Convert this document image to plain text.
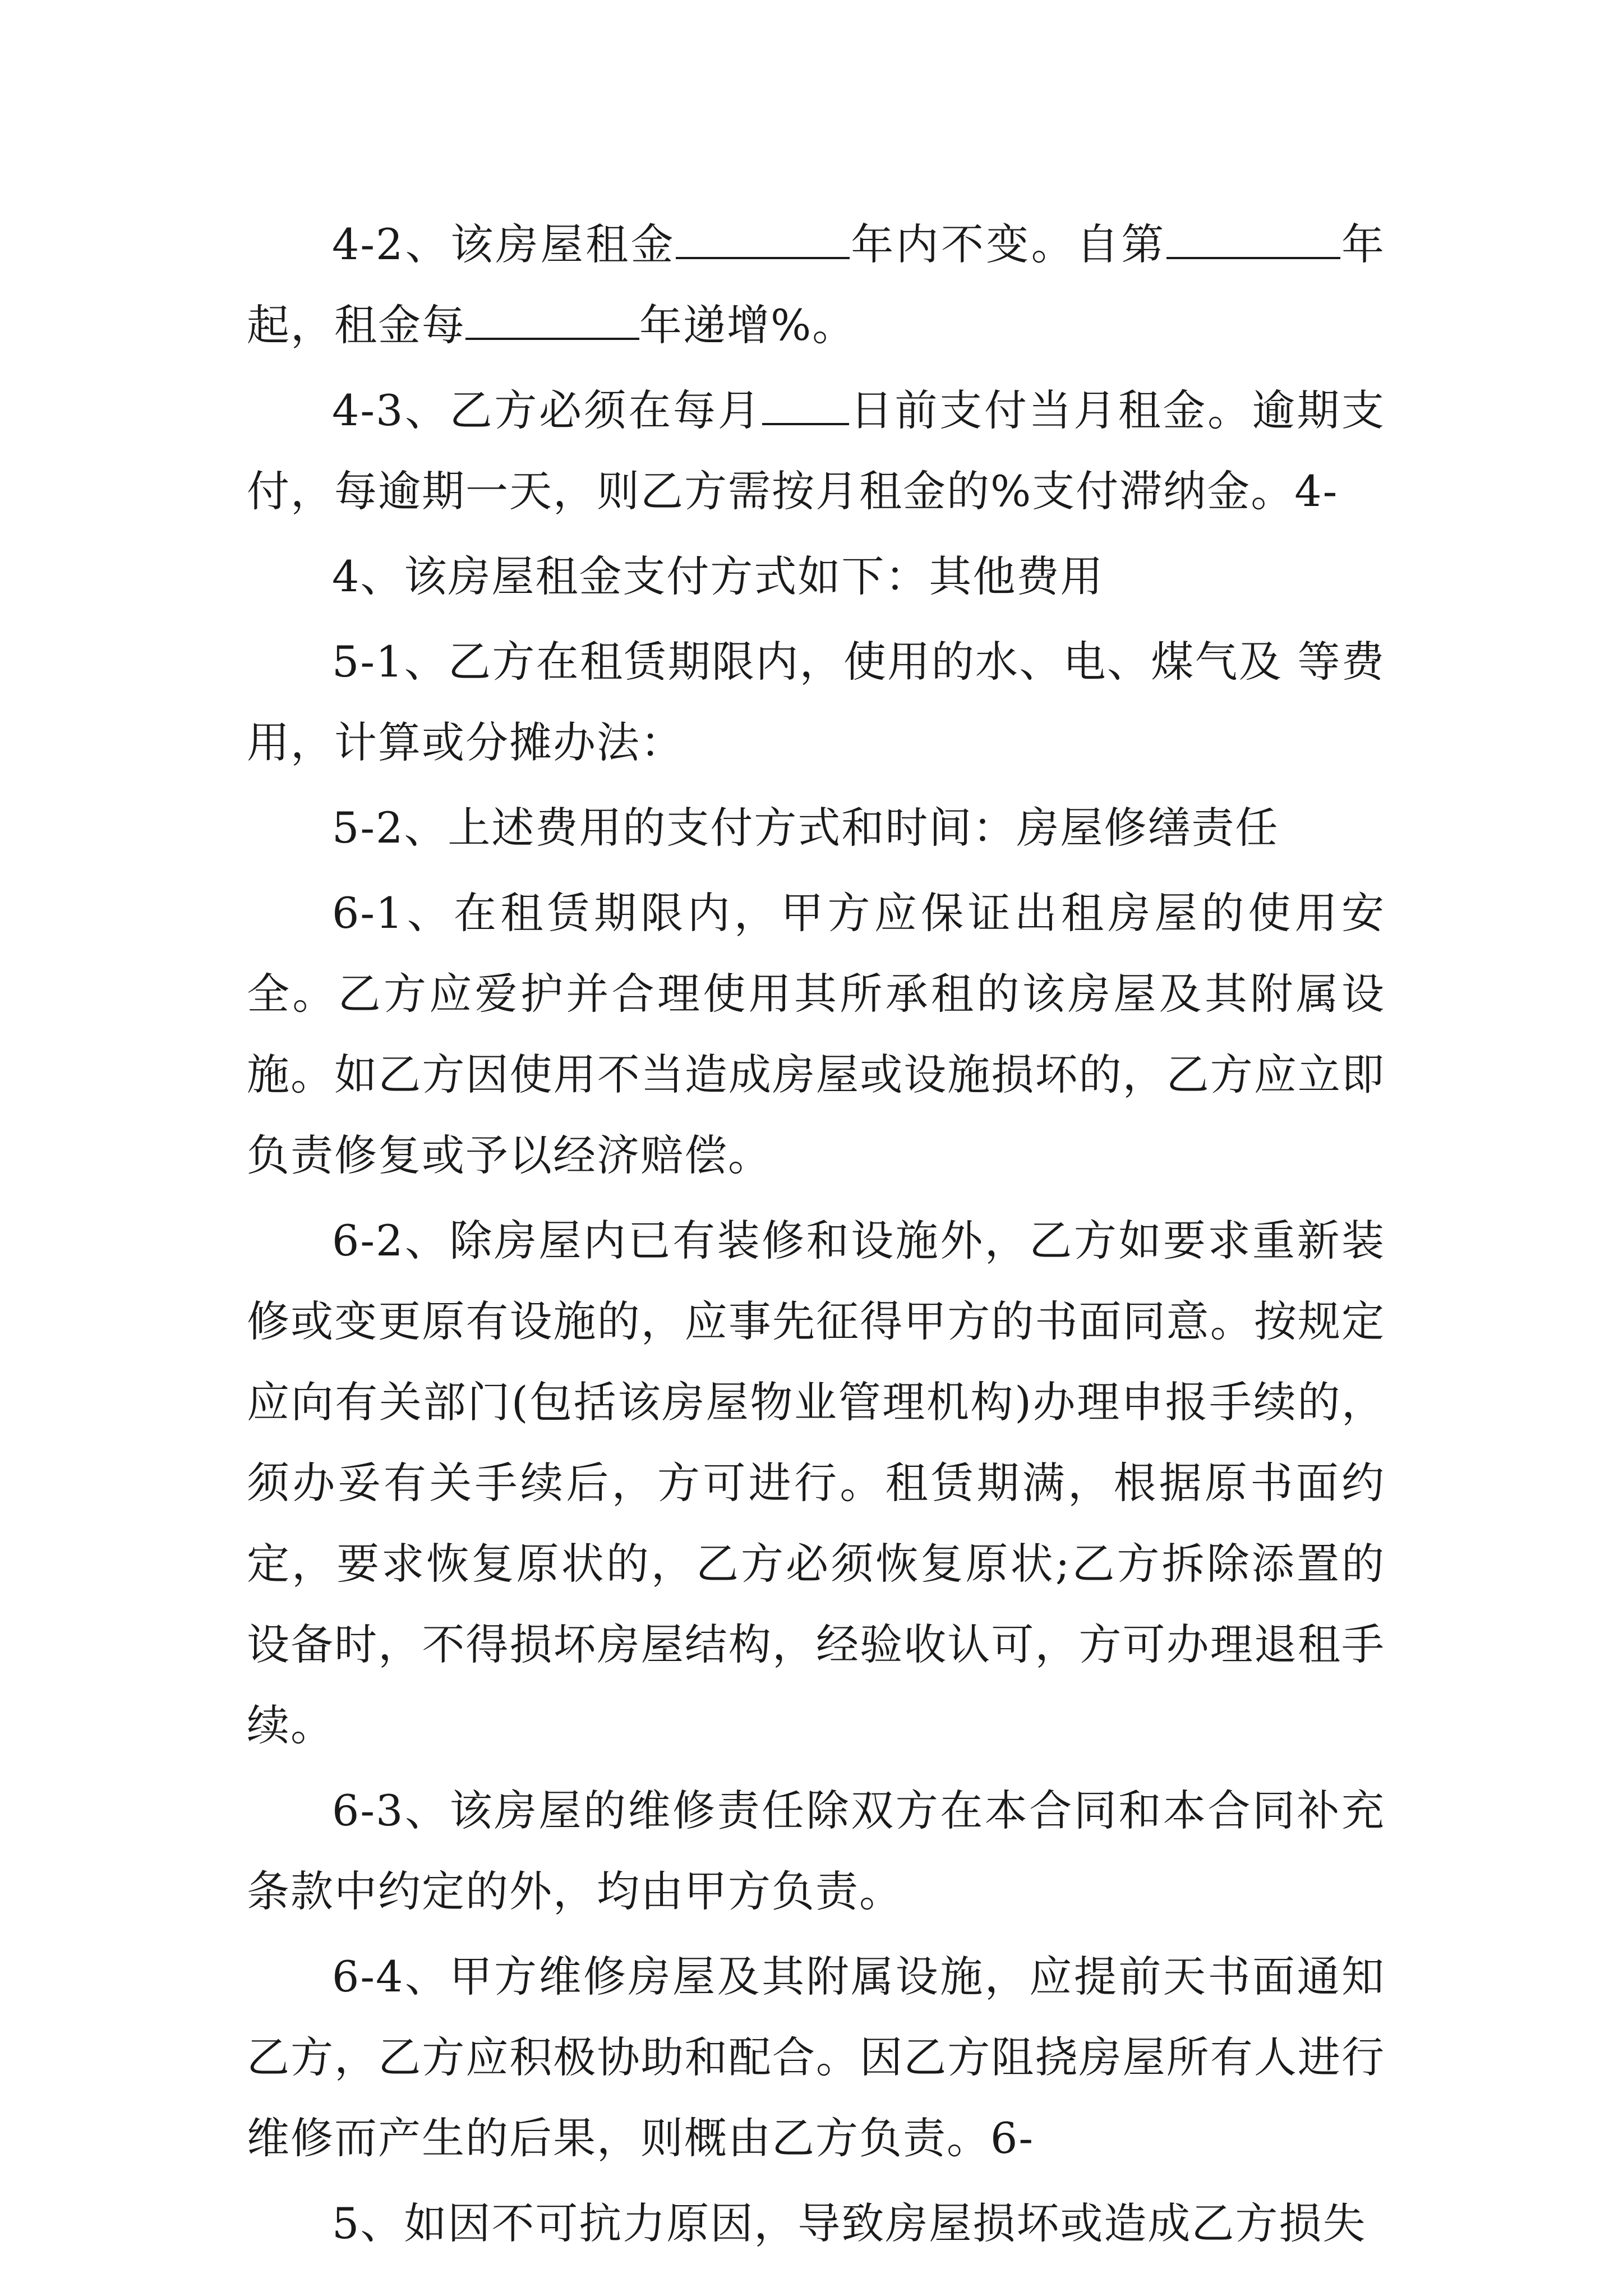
4-2、该房屋租金	年内不变。自第	年起，租金每	年递增%。

4-3、乙方必须在每月 日前支付当月租金。逾期支付，每逾期一天，则乙方需按月租金的%支付滞纳金。4-

4、该房屋租金支付方式如下：其他费用

5-1、乙方在租赁期限内，使用的水、电、煤气及 等费用，计算或分摊办法：

5-2、上述费用的支付方式和时间：房屋修缮责任

6-1、在租赁期限内，甲方应保证出租房屋的使用安全。乙方应爱护并合理使用其所承租的该房屋及其附属设施。如乙方因使用不当造成房屋或设施损坏的，乙方应立即负责修复或予以经济赔偿。

6-2、除房屋内已有装修和设施外，乙方如要求重新装修或变更原有设施的，应事先征得甲方的书面同意。按规定应向有关部门(包括该房屋物业管理机构)办理申报手续的，须办妥有关手续后，方可进行。租赁期满，根据原书面约定，要求恢复原状的，乙方必须恢复原状;乙方拆除添置的设备时，不得损坏房屋结构，经验收认可，方可办理退租手续。

6-3、该房屋的维修责任除双方在本合同和本合同补充条款中约定的外，均由甲方负责。

6-4、甲方维修房屋及其附属设施，应提前天书面通知乙方，乙方应积极协助和配合。因乙方阻挠房屋所有人进行维修而产生的后果，则概由乙方负责。6-

5、如因不可抗力原因，导致房屋损坏或造成乙方损失
